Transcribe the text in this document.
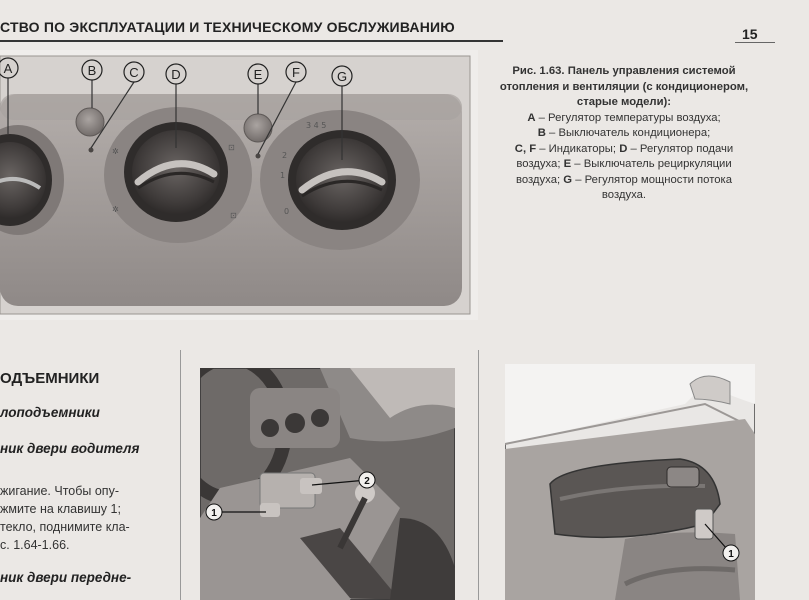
СТВО ПО ЭКСПЛУАТАЦИИ И ТЕХНИЧЕСКОМУ ОБСЛУЖИВАНИЮ	15
✲
✲
⊡
⊡
3 4 5
2
1
0
A	B	C	D	E F	G	Рис. 1.63. Панель управления системой отопления и вентиляции (с кондиционером, старые модели):

A – Регулятор температуры воздуха;

B – Выключатель кондиционера;

C, F – Индикаторы; D – Регулятор подачи воздуха; E – Выключатель рециркуляции воздуха; G – Регулятор мощности потока воздуха.

ОДЪЕМНИКИ
лоподъемники
ник двери водителя

жигание. Чтобы опу-

жмите на клавишу 1;

текло, поднимите кла-

с. 1.64-1.66.

ник двери передне-
1
2
1
